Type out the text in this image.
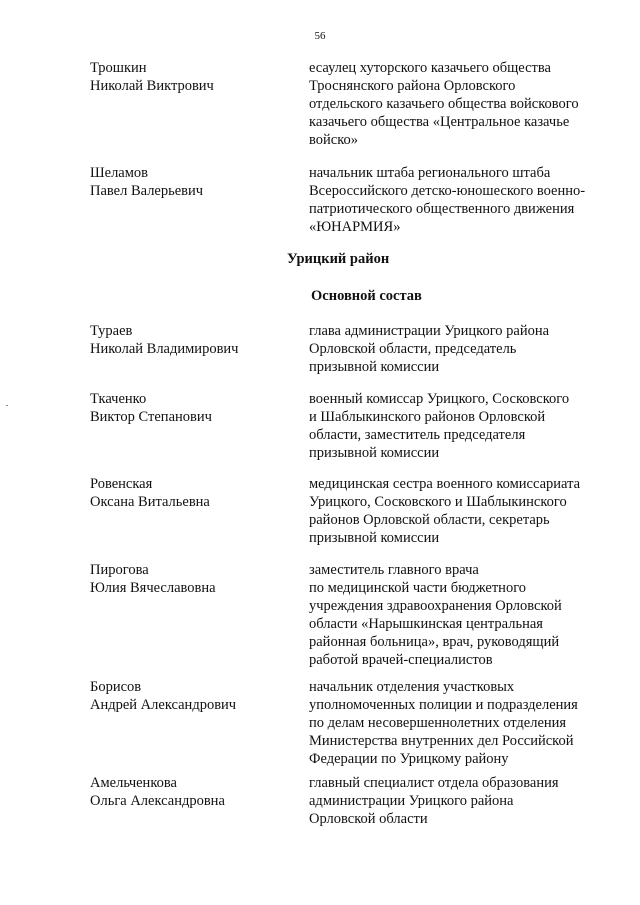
56
Трошкин
Николай Виктрович
есаулец хуторского казачьего общества
Троснянского района Орловского
отдельского казачьего общества войскового
казачьего общества «Центральное казачье
войско»
Шеламов
Павел Валерьевич
начальник штаба регионального штаба
Всероссийского детско-юношеского военно-
патриотического общественного движения
«ЮНАРМИЯ»
Урицкий район
Основной состав
Тураев
Николай Владимирович
глава администрации Урицкого района
Орловской области, председатель
призывной комиссии
Ткаченко
Виктор Степанович
военный комиссар Урицкого, Сосковского
и Шаблыкинского районов Орловской
области, заместитель председателя
призывной комиссии
Ровенская
Оксана Витальевна
медицинская сестра военного комиссариата
Урицкого, Сосковского и Шаблыкинского
районов Орловской области, секретарь
призывной комиссии
Пирогова
Юлия Вячеславовна
заместитель главного врача
по медицинской части бюджетного
учреждения здравоохранения Орловской
области «Нарышкинская центральная
районная больница», врач, руководящий
работой врачей-специалистов
Борисов
Андрей Александрович
начальник отделения участковых
уполномоченных полиции и подразделения
по делам несовершеннолетних отделения
Министерства внутренних дел Российской
Федерации по Урицкому району
Амельченкова
Ольга Александровна
главный специалист отдела образования
администрации Урицкого района
Орловской области
